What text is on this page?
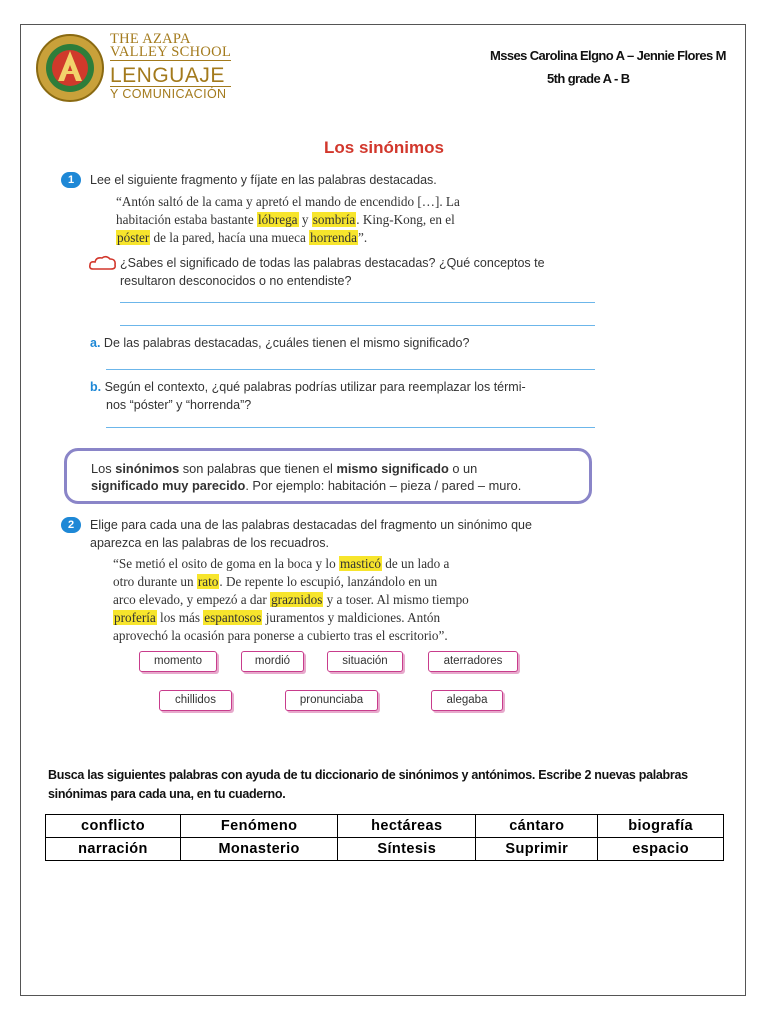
THE AZAPA
VALLEY SCHOOL
LENGUAJE
Y COMUNICACIÓN
Msses Carolina Elgno A – Jennie Flores M
5th grade A - B
Los sinónimos
1	Lee el siguiente fragmento y fíjate en las palabras destacadas.
“Antón saltó de la cama y apretó el mando de encendido […]. La
habitación estaba bastante lóbrega y sombría. King-Kong, en el
póster de la pared, hacía una mueca horrenda”.
¿Sabes el significado de todas las palabras destacadas? ¿Qué conceptos te
resultaron desconocidos o no entendiste?
a. De las palabras destacadas, ¿cuáles tienen el mismo significado?
b. Según el contexto, ¿qué palabras podrías utilizar para reemplazar los térmi-
nos “póster” y “horrenda”?
Los sinónimos son palabras que tienen el mismo significado o un
significado muy parecido. Por ejemplo: habitación – pieza / pared – muro.
2	Elige para cada una de las palabras destacadas del fragmento un sinónimo que
aparezca en las palabras de los recuadros.
“Se metió el osito de goma en la boca y lo masticó de un lado a
otro durante un rato. De repente lo escupió, lanzándolo en un
arco elevado, y empezó a dar graznidos y a toser. Al mismo tiempo
profería los más espantosos juramentos y maldiciones. Antón
aprovechó la ocasión para ponerse a cubierto tras el escritorio”.
momento	mordió	situación	aterradores
chillidos	pronunciaba	alegaba
Busca las siguientes palabras con ayuda de tu diccionario de sinónimos y antónimos. Escribe 2 nuevas palabras
sinónimas para cada una, en tu cuaderno.
conflicto	Fenómeno	hectáreas	cántaro	biografía
narración	Monasterio	Síntesis	Suprimir	espacio
